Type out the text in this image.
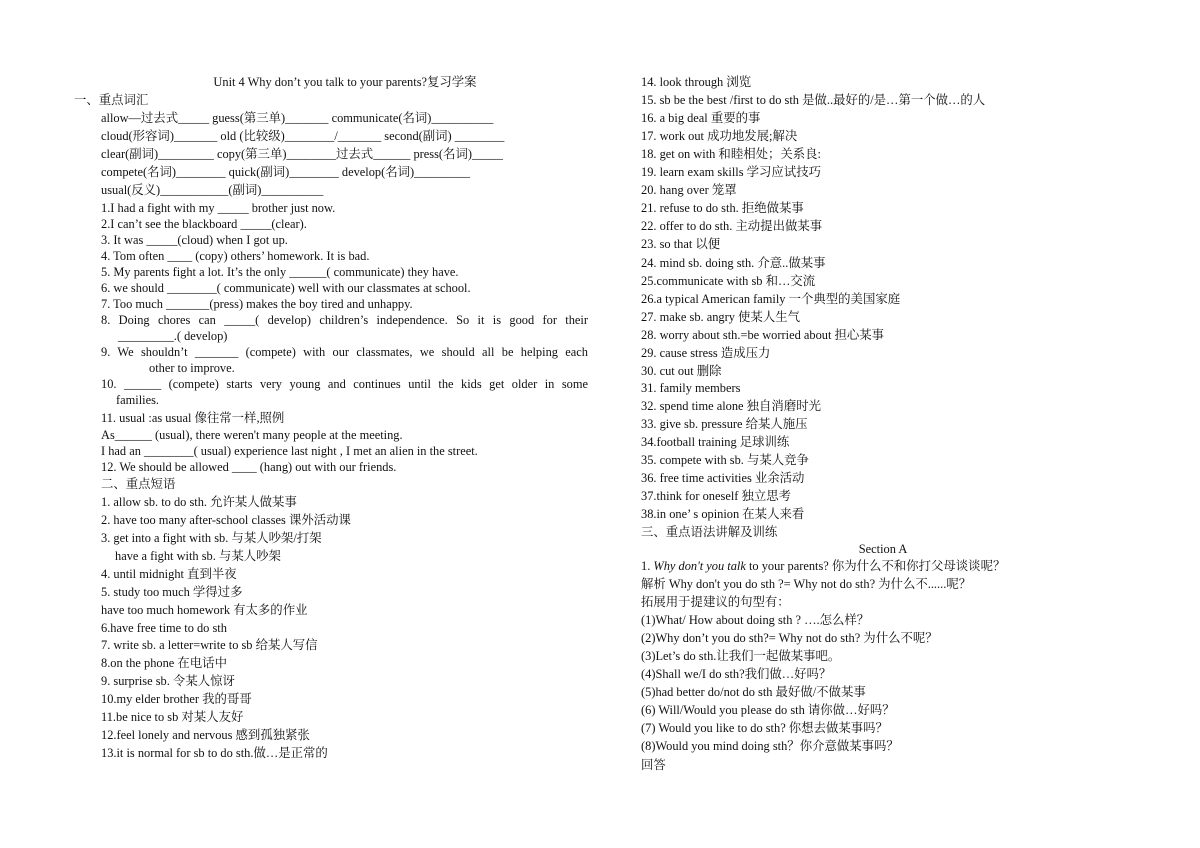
Unit 4 Why don’t you talk to your parents?复习学案
一、重点词汇
allow—过去式_____ guess(第三单)_______ communicate(名词)__________
cloud(形容词)_______ old (比较级)________/_______ second(副词) ________
clear(副词)_________ copy(第三单)________过去式______ press(名词)_____
compete(名词)________ quick(副词)________ develop(名词)_________
usual(反义)___________(副词)__________
1.I had a fight with my _____ brother just now.
2.I can’t see the blackboard _____(clear).
3. It was _____(cloud) when I got up.
4. Tom often ____ (copy) others’ homework. It is bad.
5. My parents fight a lot. It’s the only ______( communicate) they have.
6. we should ________( communicate) well with our classmates at school.
7. Too much _______(press) makes the boy tired and unhappy.
8. Doing chores can _____( develop) children’s independence. So it is good for their
_________.( develop)
9. We shouldn’t _______ (compete) with our classmates, we should all be helping each
other to improve.
10. ______ (compete) starts very young and continues until the kids get older in some
families.
11. usual :as usual 像往常一样,照例
As______ (usual), there weren't many people at the meeting.
I had an ________( usual) experience last night , I met an alien in the street.
12. We should be allowed ____ (hang) out with our friends.
二、重点短语
1. allow sb. to do sth. 允许某人做某事
2. have too many after-school classes 课外活动课
3. get into a fight with sb. 与某人吵架/打架
have a fight with sb. 与某人吵架
4. until midnight 直到半夜
5. study too much 学得过多
have too much homework 有太多的作业
6.have free time to do sth
7. write sb. a letter=write to sb 给某人写信
8.on the phone 在电话中
9. surprise sb. 令某人惊讶
10.my elder brother 我的哥哥
11.be nice to sb 对某人友好
12.feel lonely and nervous 感到孤独紧张
13.it is normal for sb to do sth.做…是正常的
14. look through 浏览
15. sb be the best /first to do sth 是做..最好的/是…第一个做…的人
16. a big deal 重要的事
17. work out 成功地发展;解决
18. get on with 和睦相处；关系良:
19. learn exam skills 学习应试技巧
20. hang over 笼罩
21. refuse to do sth. 拒绝做某事
22. offer to do sth. 主动提出做某事
23. so that 以便
24. mind sb. doing sth. 介意..做某事
25.communicate with sb 和…交流
26.a typical American family 一个典型的美国家庭
27. make sb. angry 使某人生气
28. worry about sth.=be worried about 担心某事
29. cause stress 造成压力
30. cut out 删除
31. family members
32. spend time alone 独自消磨时光
33. give sb. pressure 给某人施压
34.football training 足球训练
35. compete with sb. 与某人竞争
36. free time activities 业余活动
37.think for oneself 独立思考
38.in one’ s opinion 在某人来看
三、重点语法讲解及训练
Section A
1. Why don't you talk to your parents? 你为什么不和你打父母谈谈呢？
解析 Why don't you do sth ?= Why not do sth? 为什么不......呢？
拓展用于提建议的句型有：
(1)What/ How about doing sth ? ….怎么样？
(2)Why don’t you do sth?= Why not do sth? 为什么不呢？
(3)Let’s do sth.让我们一起做某事吧。
(4)Shall we/I do sth?我们做…好吗？
(5)had better do/not do sth 最好做/不做某事
(6) Will/Would you please do sth 请你做…好吗？
(7) Would you like to do sth? 你想去做某事吗？
(8)Would you mind doing sth？你介意做某事吗？
回答
